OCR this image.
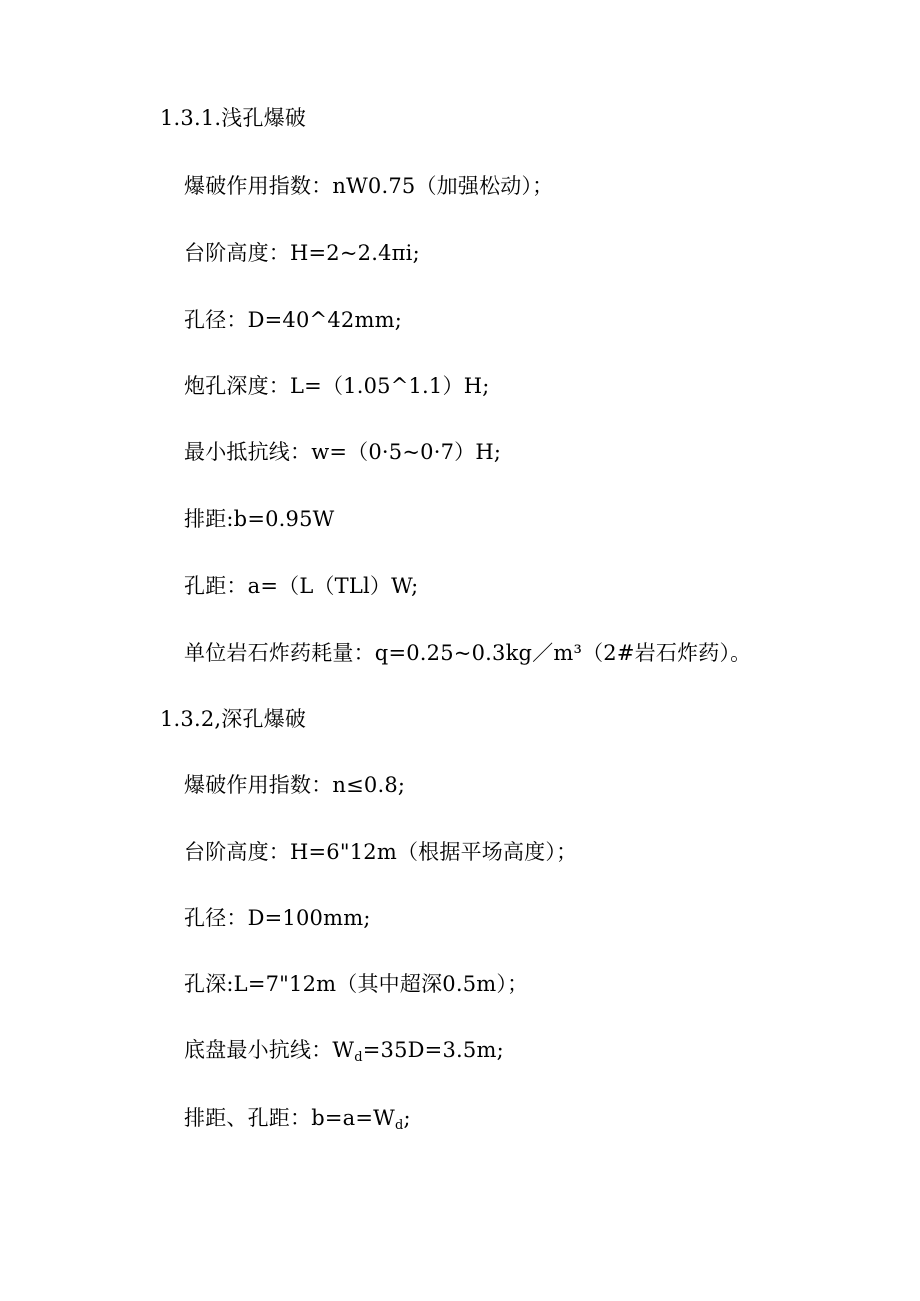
1.3.1.浅孔爆破
爆破作用指数：nW0.75（加强松动）；
台阶高度：H=2~2.4πi;
孔径：D=40^42mm;
炮孔深度：L=（1.05^1.1）H;
最小抵抗线：w=（0·5~0·7）H;
排距:b=0.95W
孔距：a=（L（TLl）W;
单位岩石炸药耗量：q=0.25~0.3kg／m³（2#岩石炸药）。
1.3.2,深孔爆破
爆破作用指数：n≤0.8;
台阶高度：H=6"12m（根据平场高度）；
孔径：D=100mm;
孔深:L=7"12m（其中超深0.5m）；
底盘最小抗线：$W_d=35D=3.5m$;
排距、孔距：$b=a=W_d$;
